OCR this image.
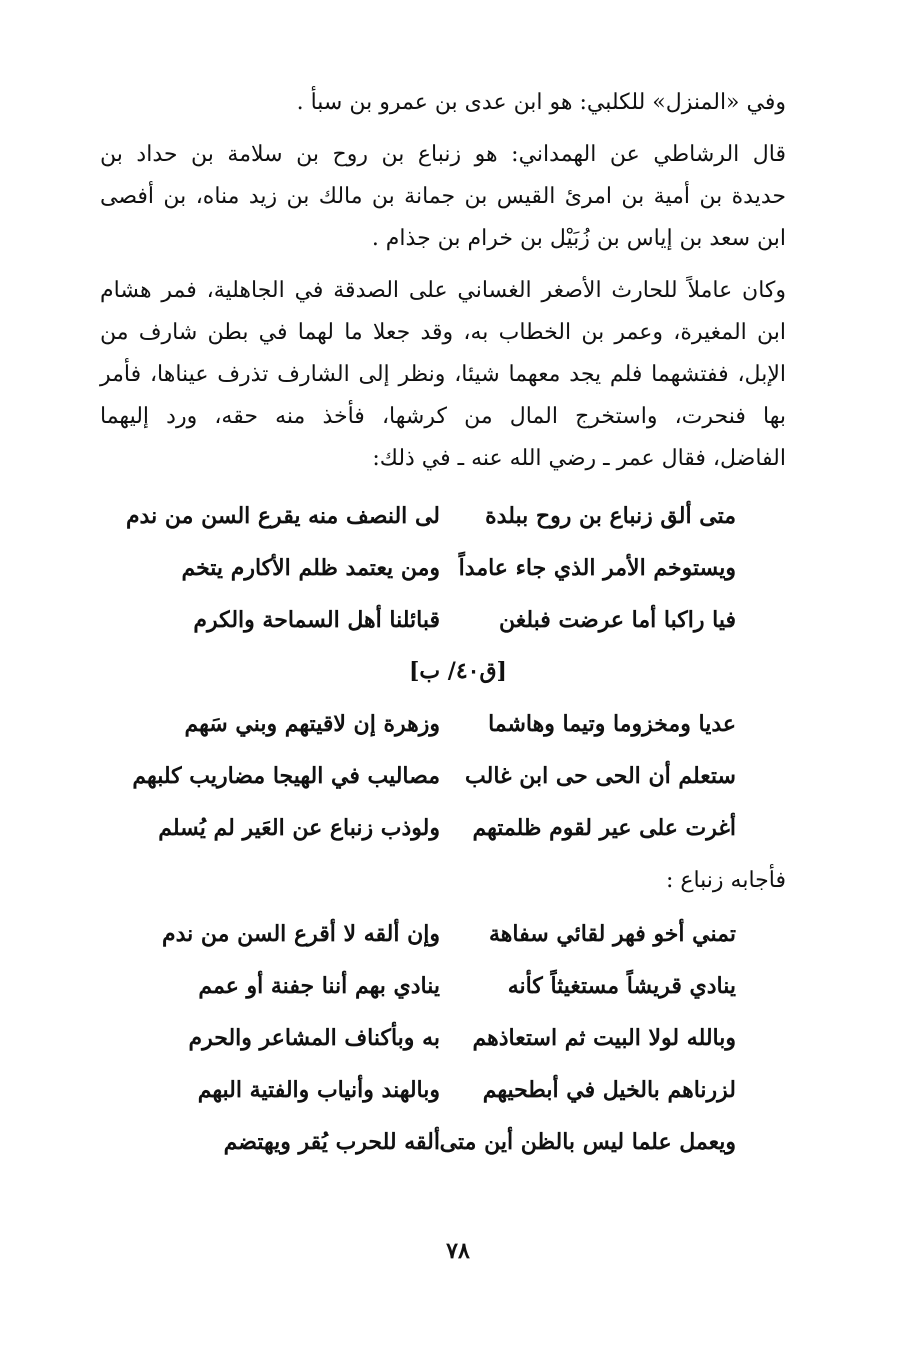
وفي «المنزل» للكلبي: هو ابن عدى بن عمرو بن سبأ .
قال الرشاطي عن الهمداني: هو زنباع بن روح بن سلامة بن حداد بن
حديدة بن أمية بن امرئ القيس بن جمانة بن مالك بن زيد مناه، بن أفصى
ابن سعد بن إياس بن زُبَيْل بن خرام بن جذام .
وكان عاملاً للحارث الأصغر الغساني على الصدقة في الجاهلية، فمر هشام
ابن المغيرة، وعمر بن الخطاب به، وقد جعلا ما لهما في بطن شارف من
الإبل، ففتشهما فلم يجد معهما شيئا، ونظر إلى الشارف تذرف عيناها، فأمر
بها فنحرت، واستخرج المال من كرشها، فأخذ منه حقه، ورد إليهما
الفاضل، فقال عمر ـ رضي الله عنه ـ في ذلك:
متى ألق زنباع بن روح ببلدة
لى النصف منه يقرع السن من ندم
ويستوخم الأمر الذي جاء عامداً
ومن يعتمد ظلم الأكارم يتخم
فيا راكبا أما عرضت فبلغن
قبائلنا أهل السماحة والكرم
[ق٤٠/ ب]
عديا ومخزوما وتيما وهاشما
وزهرة إن لاقيتهم وبني سَهم
ستعلم أن الحى حى ابن غالب
مصاليب في الهيجا مضاريب كلبهم
أغرت على عير لقوم ظلمتهم
ولوذب زنباع عن العَير لم يُسلم
فأجابه زنباع :
تمني أخو فهر لقائي سفاهة
وإن ألقه لا أقرع السن من ندم
ينادي قريشاً مستغيثاً كأنه
ينادي بهم أننا جفنة أو عمم
وبالله لولا البيت ثم استعاذهم
به وبأكناف المشاعر والحرم
لزرناهم بالخيل في أبطحيهم
وبالهند وأنياب والفتية البهم
ويعمل علما ليس بالظن أين متى
ألقه للحرب يُقر ويهتضم
٧٨
